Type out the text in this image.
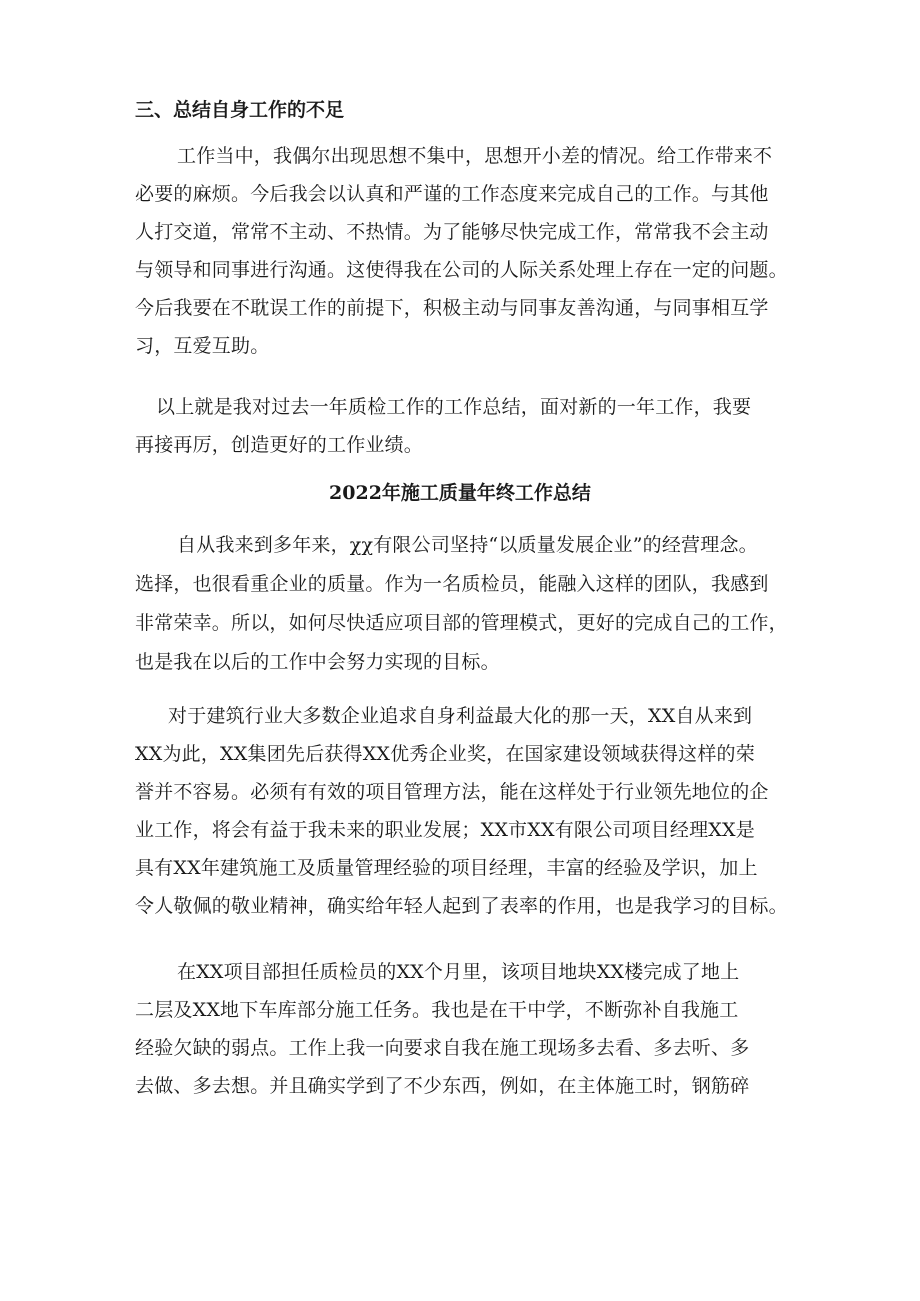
三、总结自身工作的不足
工作当中，我偶尔出现思想不集中，思想开小差的情况。给工作带来不
必要的麻烦。今后我会以认真和严谨的工作态度来完成自己的工作。与其他
人打交道，常常不主动、不热情。为了能够尽快完成工作，常常我不会主动
与领导和同事进行沟通。这使得我在公司的人际关系处理上存在一定的问题。
今后我要在不耽误工作的前提下，积极主动与同事友善沟通，与同事相互学
习，互爱互助。
以上就是我对过去一年质检工作的工作总结，面对新的一年工作，我要
再接再厉，创造更好的工作业绩。
2022年施工质量年终工作总结
自从我来到多年来，χχ有限公司坚持“以质量发展企业”的经营理念。
选择，也很看重企业的质量。作为一名质检员，能融入这样的团队，我感到
非常荣幸。所以，如何尽快适应项目部的管理模式，更好的完成自己的工作，
也是我在以后的工作中会努力实现的目标。
对于建筑行业大多数企业追求自身利益最大化的那一天，XX自从来到
XX为此，XX集团先后获得XX优秀企业奖，在国家建设领域获得这样的荣
誉并不容易。必须有有效的项目管理方法，能在这样处于行业领先地位的企
业工作，将会有益于我未来的职业发展；XX市XX有限公司项目经理XX是
具有XX年建筑施工及质量管理经验的项目经理，丰富的经验及学识，加上
令人敬佩的敬业精神，确实给年轻人起到了表率的作用，也是我学习的目标。
在XX项目部担任质检员的XX个月里，该项目地块XX楼完成了地上
二层及XX地下车库部分施工任务。我也是在干中学，不断弥补自我施工
经验欠缺的弱点。工作上我一向要求自我在施工现场多去看、多去听、多
去做、多去想。并且确实学到了不少东西，例如，在主体施工时，钢筋碎
